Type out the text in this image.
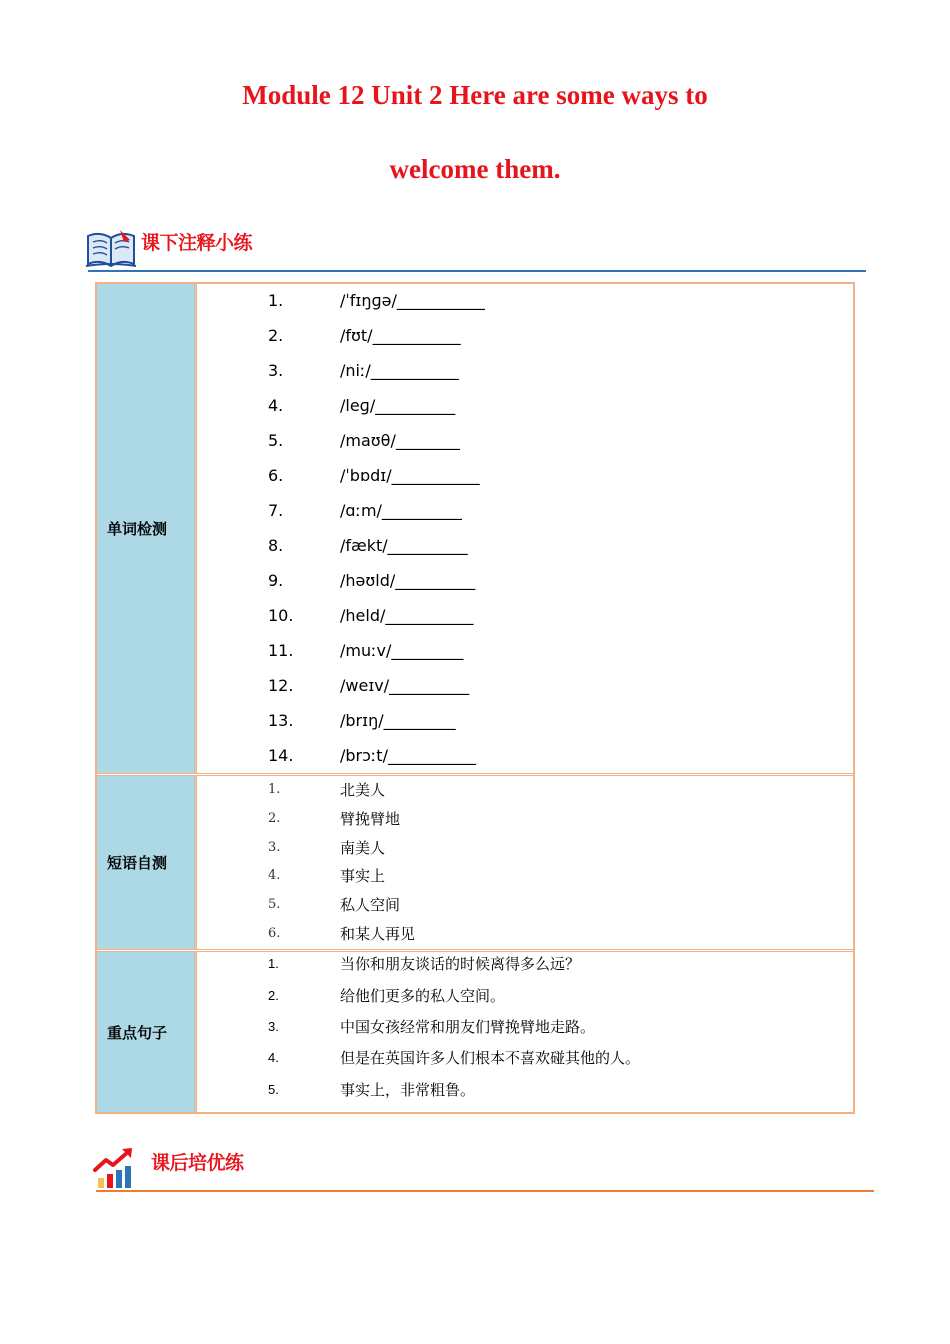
Module 12 Unit 2 Here are some ways to
welcome them.
课下注释小练
单词检测
1.	/ˈfɪŋɡə/___________
2.	/fʊt/___________
3.	/niː/___________
4.	/leɡ/__________
5.	/maʊθ/________
6.	/ˈbɒdɪ/___________
7.	/ɑːm/__________
8.	/fækt/__________
9.	/həʊld/__________
10.	/held/___________
11.	/muːv/_________
12.	/weɪv/__________
13.	/brɪŋ/_________
14.	/brɔːt/___________
短语自测
1.	北美人
2.	臂挽臂地
3.	南美人
4.	事实上
5.	私人空间
6.	和某人再见
重点句子
1.	当你和朋友谈话的时候离得多么远？
2.	给他们更多的私人空间。
3.	中国女孩经常和朋友们臂挽臂地走路。
4.	但是在英国许多人们根本不喜欢碰其他的人。
5.	事实上，非常粗鲁。
课后培优练
